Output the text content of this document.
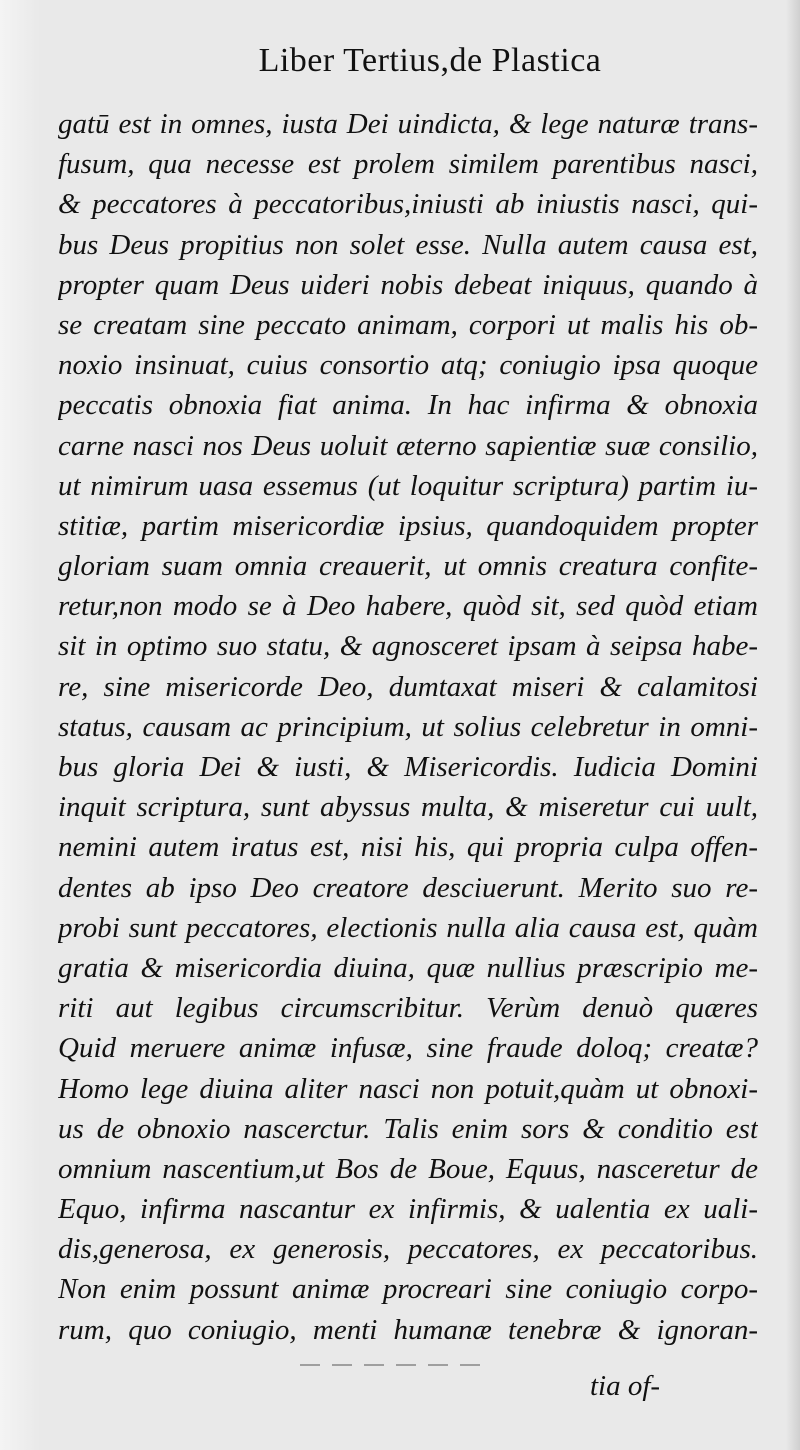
Liber Tertius,de Plastica
gatū est in omnes, iusta Dei uindicta, & lege naturæ trans-
fusum, qua necesse est prolem similem parentibus nasci,
& peccatores à peccatoribus,iniusti ab iniustis nasci, qui-
bus Deus propitius non solet esse. Nulla autem causa est,
propter quam Deus uideri nobis debeat iniquus, quando à
se creatam sine peccato animam, corpori ut malis his ob-
noxio insinuat, cuius consortio atq; coniugio ipsa quoque
peccatis obnoxia fiat anima. In hac infirma & obnoxia
carne nasci nos Deus uoluit æterno sapientiæ suæ consilio,
ut nimirum uasa essemus (ut loquitur scriptura) partim iu-
stitiæ, partim misericordiæ ipsius, quandoquidem propter
gloriam suam omnia creauerit, ut omnis creatura confite-
retur,non modo se à Deo habere, quòd sit, sed quòd etiam
sit in optimo suo statu, & agnosceret ipsam à seipsa habe-
re, sine misericorde Deo, dumtaxat miseri & calamitosi
status, causam ac principium, ut solius celebretur in omni-
bus gloria Dei & iusti, & Misericordis. Iudicia Domini
inquit scriptura, sunt abyssus multa, & miseretur cui uult,
nemini autem iratus est, nisi his, qui propria culpa offen-
dentes ab ipso Deo creatore desciuerunt. Merito suo re-
probi sunt peccatores, electionis nulla alia causa est, quàm
gratia & misericordia diuina, quæ nullius præscripio me-
riti aut legibus circumscribitur. Verùm denuò quæres
Quid meruere animæ infusæ, sine fraude doloq; creatæ?
Homo lege diuina aliter nasci non potuit,quàm ut obnoxi-
us de obnoxio nascerctur. Talis enim sors & conditio est
omnium nascentium,ut Bos de Boue, Equus, nasceretur de
Equo, infirma nascantur ex infirmis, & ualentia ex uali-
dis,generosa, ex generosis, peccatores, ex peccatoribus.
Non enim possunt animæ procreari sine coniugio corpo-
rum, quo coniugio, menti humanæ tenebræ & ignoran-
tia of-
